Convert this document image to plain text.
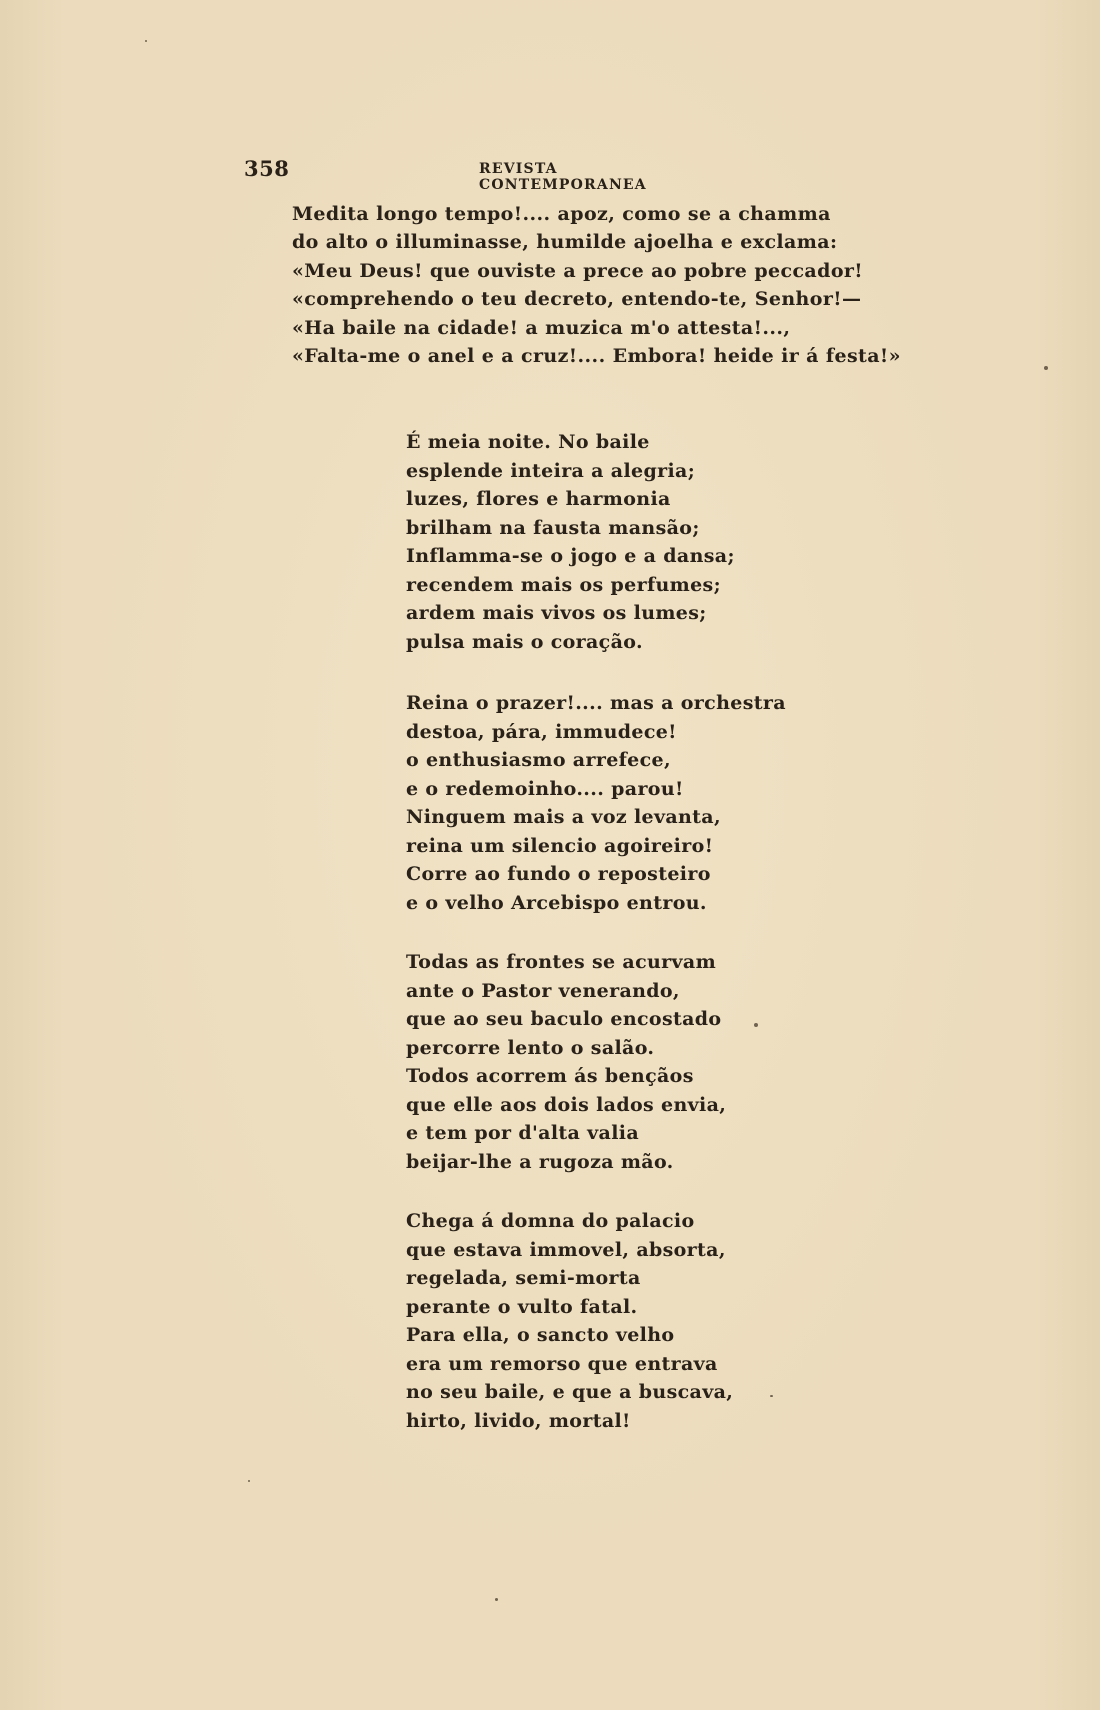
358	REVISTA CONTEMPORANEA
Medita longo tempo!.... apoz, como se a chamma
do alto o illuminasse, humilde ajoelha e exclama:
«Meu Deus! que ouviste a prece ao pobre peccador!
«comprehendo o teu decreto, entendo-te, Senhor!—
«Ha baile na cidade! a muzica m'o attesta!...,
«Falta-me o anel e a cruz!.... Embora! heide ir á festa!»
É meia noite. No baile
esplende inteira a alegria;
luzes, flores e harmonia
brilham na fausta mansão;
Inflamma-se o jogo e a dansa;
recendem mais os perfumes;
ardem mais vivos os lumes;
pulsa mais o coração.
Reina o prazer!.... mas a orchestra
destoa, pára, immudece!
o enthusiasmo arrefece,
e o redemoinho.... parou!
Ninguem mais a voz levanta,
reina um silencio agoireiro!
Corre ao fundo o reposteiro
e o velho Arcebispo entrou.
Todas as frontes se acurvam
ante o Pastor venerando,
que ao seu baculo encostado
percorre lento o salão.
Todos acorrem ás bençãos
que elle aos dois lados envia,
e tem por d'alta valia
beijar-lhe a rugoza mão.
Chega á domna do palacio
que estava immovel, absorta,
regelada, semi-morta
perante o vulto fatal.
Para ella, o sancto velho
era um remorso que entrava
no seu baile, e que a buscava,
hirto, livido, mortal!
